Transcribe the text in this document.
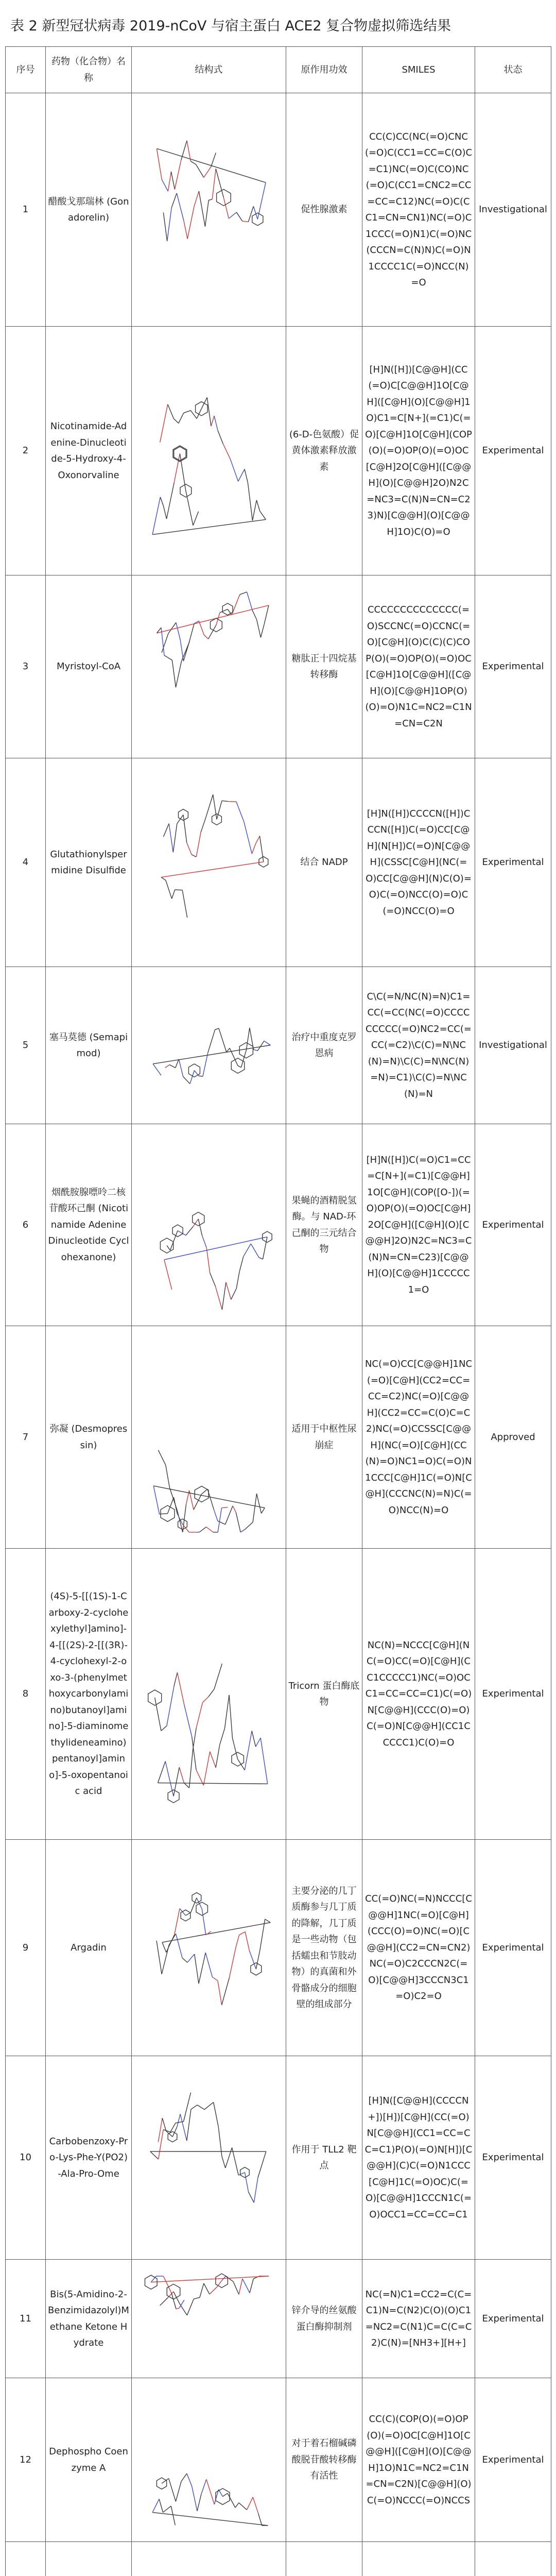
表 2 新型冠状病毒 2019-nCoV 与宿主蛋白 ACE2 复合物虚拟筛选结果
序号	药物（化合物）名称	结构式	原作用功效	SMILES	状态
1	醋酸戈那瑞林 (Gonadorelin)		促性腺激素	CC(C)CC(NC(=O)CNC(=O)C(CC1=CC=C(O)C=C1)NC(=O)C(CO)NC(=O)C(CC1=CNC2=CC=CC=C12)NC(=O)C(CC1=CN=CN1)NC(=O)C1CCC(=O)N1)C(=O)NC(CCCN=C(N)N)C(=O)N1CCCC1C(=O)NCC(N)=O	Investigational
2	Nicotinamide-Adenine-Dinucleotide-5-Hydroxy-4-Oxonorvaline		(6-D-色氨酸）促黄体激素释放激素	[H]N([H])[C@@H](CC(=O)C[C@@H]1O[C@H]([C@H](O)[C@@H]1O)C1=C[N+](=C1)C(=O)[C@H]1O[C@H](COP(O)(=O)OP(O)(=O)OC[C@H]2O[C@H]([C@@H](O)[C@@H]2O)N2C=NC3=C(N)N=CN=C23)N)[C@@H](O)[C@@H]1O)C(O)=O	Experimental
3	Myristoyl-CoA		糖肽正十四烷基转移酶	CCCCCCCCCCCCCC(=O)SCCNC(=O)CCNC(=O)[C@H](O)C(C)(C)COP(O)(=O)OP(O)(=O)OC[C@H]1O[C@@H]([C@H](O)[C@@H]1OP(O)(O)=O)N1C=NC2=C1N=CN=C2N	Experimental
4	Glutathionylspermidine Disulfide		结合 NADP	[H]N([H])CCCCN([H])CCCN([H])C(=O)CC[C@H](N[H])C(=O)N[C@@H](CSSC[C@H](NC(=O)CC[C@@H](N)C(O)=O)C(=O)NCC(O)=O)C(=O)NCC(O)=O	Experimental
5	塞马莫德 (Semapimod)		治疗中重度克罗恩病	C\C(=N/NC(N)=N)C1=CC(=CC(NC(=O)CCCCCCCCC(=O)NC2=CC(=CC(=C2)\C(C)=N\NC(N)=N)\C(C)=N\NC(N)=N)=C1)\C(C)=N\NC(N)=N	Investigational
6	烟酰胺腺嘌呤二核苷酸环己酮 (Nicotinamide Adenine Dinucleotide Cyclohexanone)		果蝇的酒精脱氢酶。与 NAD-环己酮的三元结合物	[H]N([H])C(=O)C1=CC=C[N+](=C1)[C@@H]1O[C@H](COP([O-])(=O)OP(O)(=O)OC[C@H]2O[C@H]([C@H](O)[C@@H]2O)N2C=NC3=C(N)N=CN=C23)[C@@H](O)[C@@H]1CCCCC1=O	Experimental
7	弥凝 (Desmopressin)		适用于中枢性尿崩症	NC(=O)CC[C@@H]1NC(=O)[C@H](CC2=CC=CC=C2)NC(=O)[C@@H](CC2=CC=C(O)C=C2)NC(=O)CCSSC[C@@H](NC(=O)[C@H](CC(N)=O)NC1=O)C(=O)N1CCC[C@H]1C(=O)N[C@H](CCCNC(N)=N)C(=O)NCC(N)=O	Approved
8	(4S)-5-[[(1S)-1-Carboxy-2-cyclohexylethyl]amino]-4-[[(2S)-2-[[(3R)-4-cyclohexyl-2-oxo-3-(phenylmethoxycarbonylamino)butanoyl]amino]-5-diaminomethylideneamino)pentanoyl]amino]-5-oxopentanoic acid		Tricorn 蛋白酶底物	NC(N)=NCCC[C@H](NC(=O)CC(=O)[C@H](CC1CCCCC1)NC(=O)OCC1=CC=CC=C1)C(=O)N[C@@H](CCC(O)=O)C(=O)N[C@@H](CC1CCCCC1)C(O)=O	Experimental
9	Argadin		主要分泌的几丁质酶参与几丁质的降解，几丁质是一些动物（包括蠕虫和节肢动物）的真菌和外骨骼成分的细胞壁的组成部分	CC(=O)NC(=N)NCCC[C@@H]1NC(=O)[C@H](CCC(O)=O)NC(=O)[C@@H](CC2=CN=CN2)NC(=O)C2CCCN2C(=O)[C@@H]3CCCN3C1=O)C2=O	Experimental
10	Carbobenzoxy-Pro-Lys-Phe-Y(PO2)-Ala-Pro-Ome		作用于 TLL2 靶点	[H]N([C@@H](CCCCN+])[H])[C@H](CC(=O)N[C@@H](CC1=CC=CC=C1)P(O)(=O)N[H])[C@@H](C)C(=O)N1CCC[C@H]1C(=O)OC)C(=O)[C@@H]1CCCN1C(=O)OCC1=CC=CC=C1	Experimental
11	Bis(5-Amidino-2-Benzimidazolyl)Methane Ketone Hydrate		锌介导的丝氨酸蛋白酶抑制剂	NC(=N)C1=CC2=C(C=C1)N=C(N2)C(O)(O)C1=NC2=C(N1)C=C(C=C2)C(N)=[NH3+][H+]	Experimental
12	Dephospho Coenzyme A		对于着石榴碱磷酸脱苷酸转移酶有活性	CC(C)(COP(O)(=O)OP(O)(=O)OC[C@H]1O[C@@H]([C@H](O)[C@@H]1O)N1C=NC2=C1N=CN=C2N)[C@@H](O)C(=O)NCCC(=O)NCCS	Experimental
